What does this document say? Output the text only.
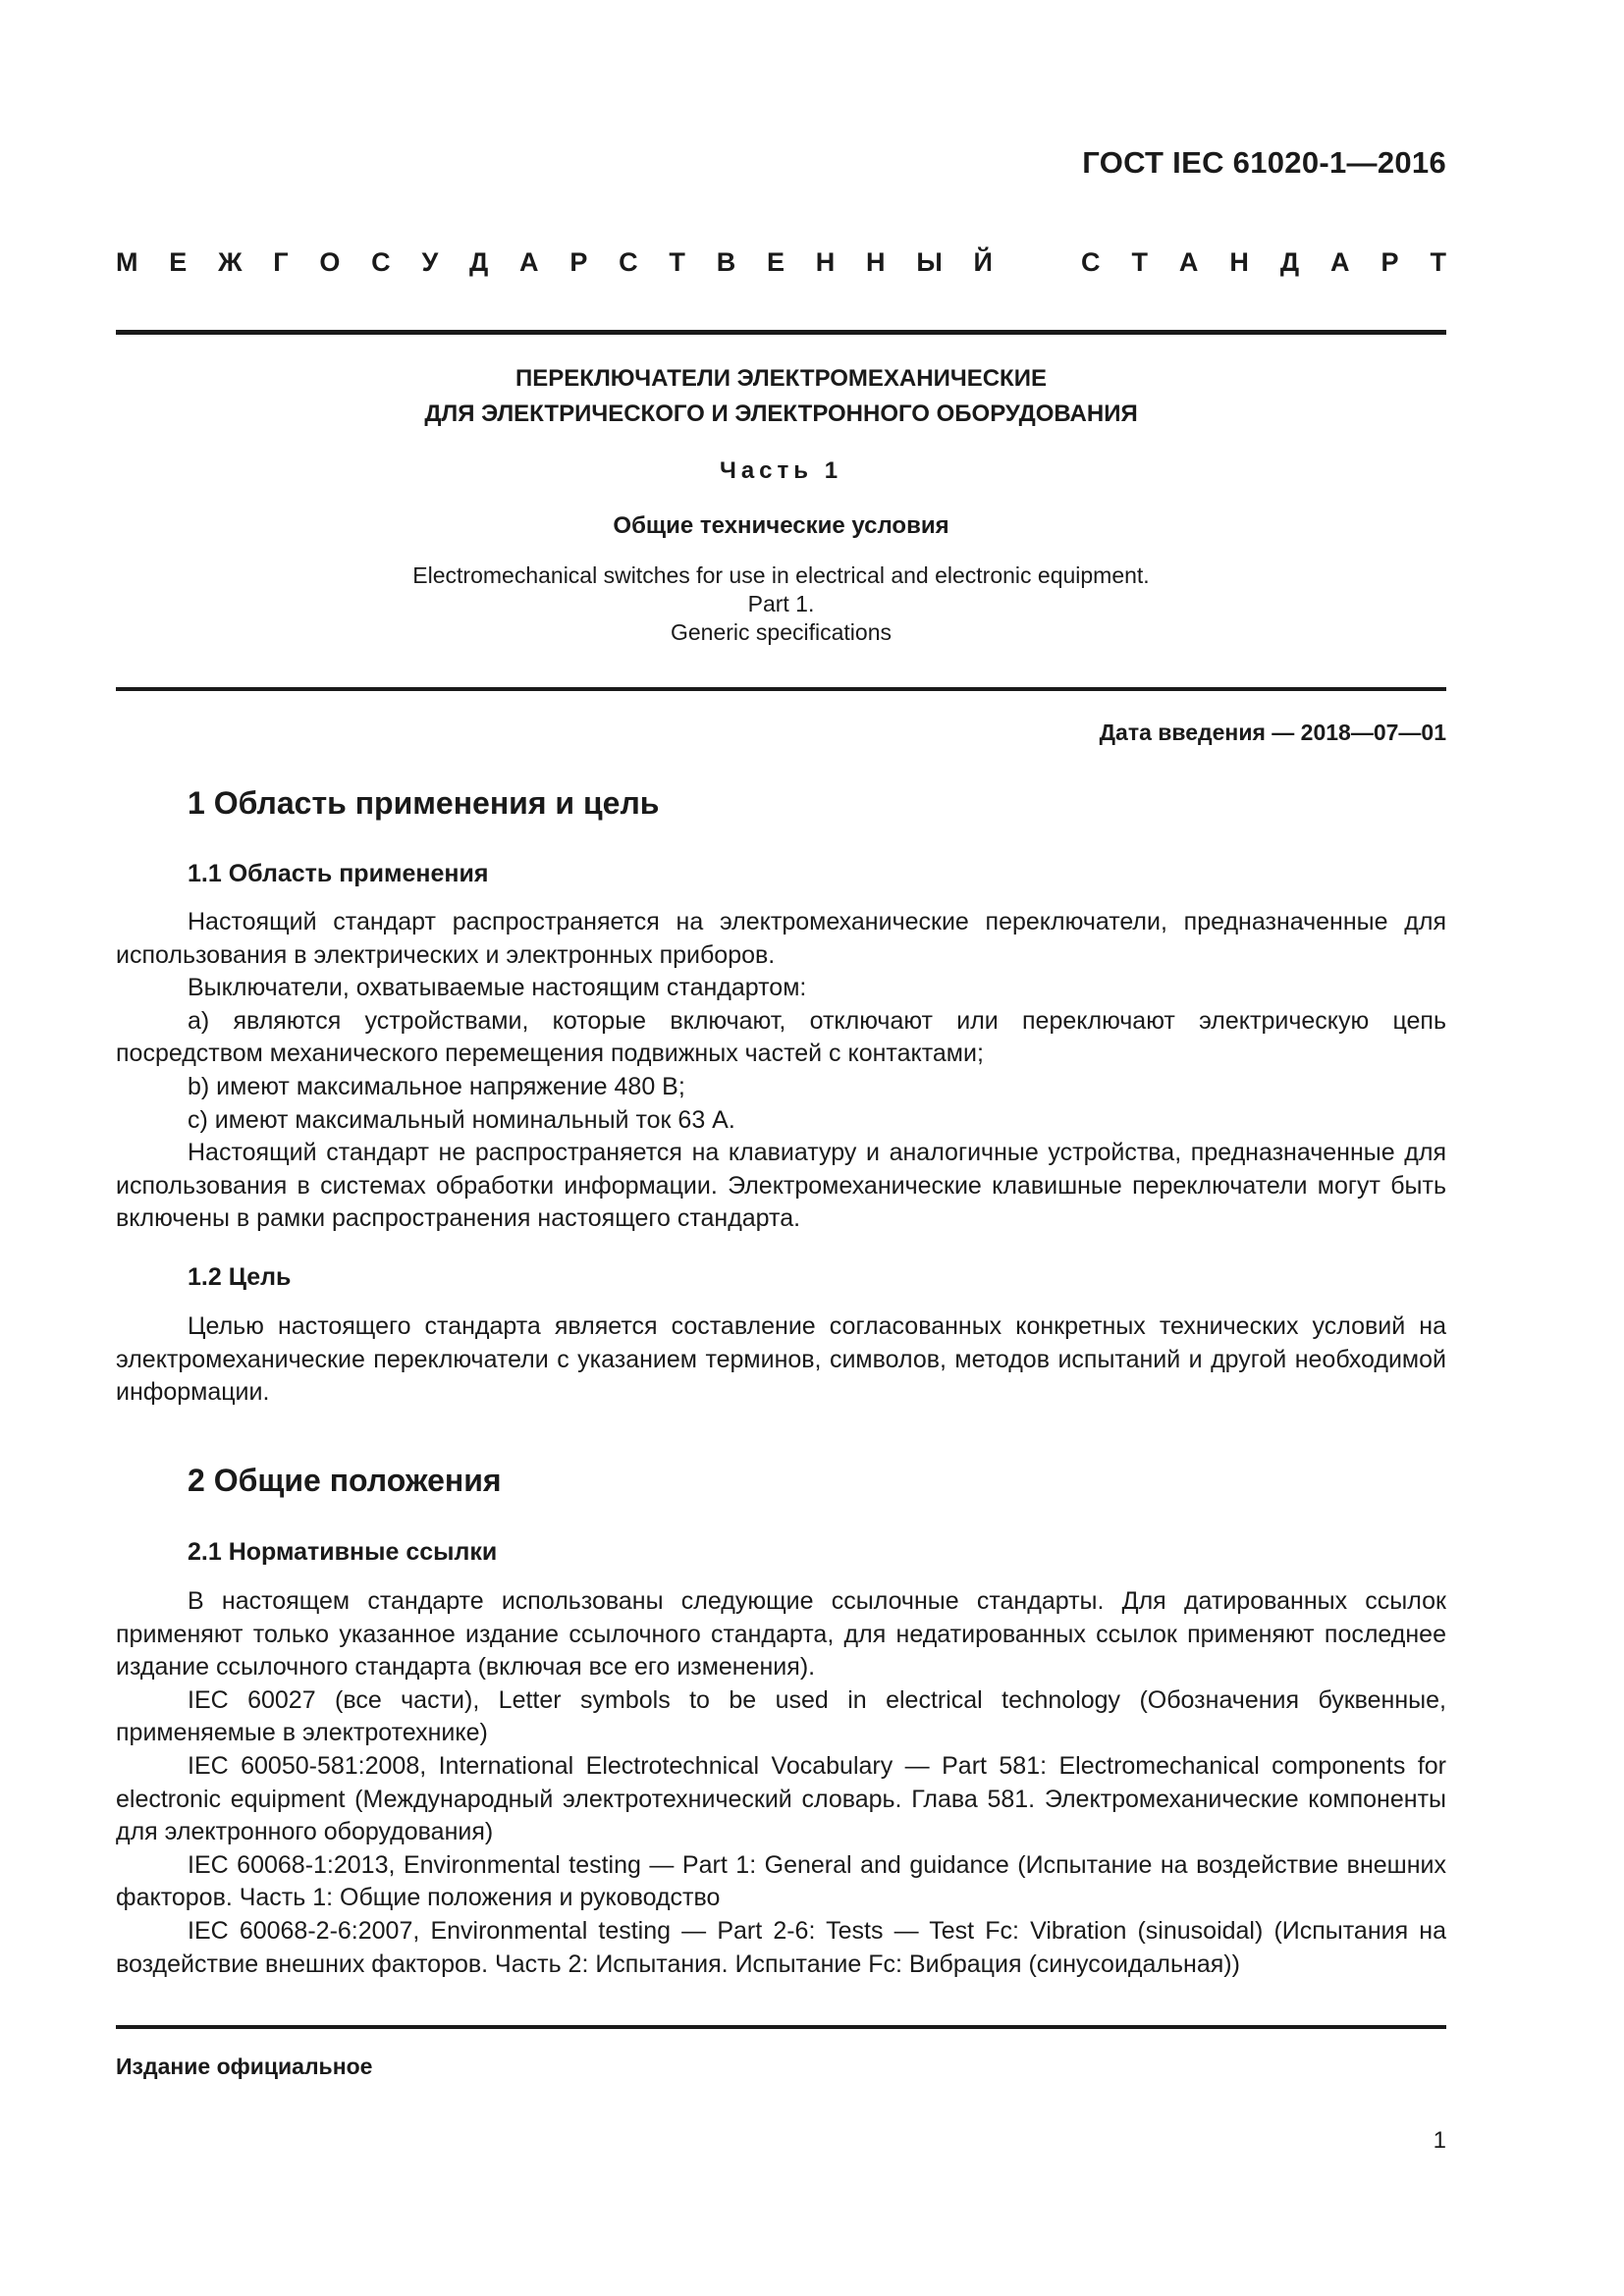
ГОСТ IEC 61020-1—2016
М Е Ж Г О С У Д А Р С Т В Е Н Н Ы Й	С Т А Н Д А Р Т
ПЕРЕКЛЮЧАТЕЛИ ЭЛЕКТРОМЕХАНИЧЕСКИЕ
ДЛЯ ЭЛЕКТРИЧЕСКОГО И ЭЛЕКТРОННОГО ОБОРУДОВАНИЯ
Часть 1
Общие технические условия
Electromechanical switches for use in electrical and electronic equipment.
Part 1.
Generic specifications
Дата введения — 2018—07—01
1 Область применения и цель
1.1 Область применения

Настоящий стандарт распространяется на электромеханические переключатели, предназначенные для использования в электрических и электронных приборов.

Выключатели, охватываемые настоящим стандартом:

а) являются устройствами, которые включают, отключают или переключают электрическую цепь посредством механического перемещения подвижных частей с контактами;

b) имеют максимальное напряжение 480 В;

с) имеют максимальный номинальный ток 63 А.

Настоящий стандарт не распространяется на клавиатуру и аналогичные устройства, предназначенные для использования в системах обработки информации. Электромеханические клавишные переключатели могут быть включены в рамки распространения настоящего стандарта.

1.2 Цель

Целью настоящего стандарта является составление согласованных конкретных технических условий на электромеханические переключатели с указанием терминов, символов, методов испытаний и другой необходимой информации.

2 Общие положения
2.1 Нормативные ссылки

В настоящем стандарте использованы следующие ссылочные стандарты. Для датированных ссылок применяют только указанное издание ссылочного стандарта, для недатированных ссылок применяют последнее издание ссылочного стандарта (включая все его изменения).

IEC 60027 (все части), Letter symbols to be used in electrical technology (Обозначения буквенные, применяемые в электротехнике)

IEC 60050-581:2008, International Electrotechnical Vocabulary — Part 581: Electromechanical components for electronic equipment (Международный электротехнический словарь. Глава 581. Электромеханические компоненты для электронного оборудования)

IEC 60068-1:2013, Environmental testing — Part 1: General and guidance (Испытание на воздействие внешних факторов. Часть 1: Общие положения и руководство

IEC 60068-2-6:2007, Environmental testing — Part 2-6: Tests — Test Fc: Vibration (sinusoidal) (Испытания на воздействие внешних факторов. Часть 2: Испытания. Испытание Fc: Вибрация (синусоидальная))

Издание официальное
1
